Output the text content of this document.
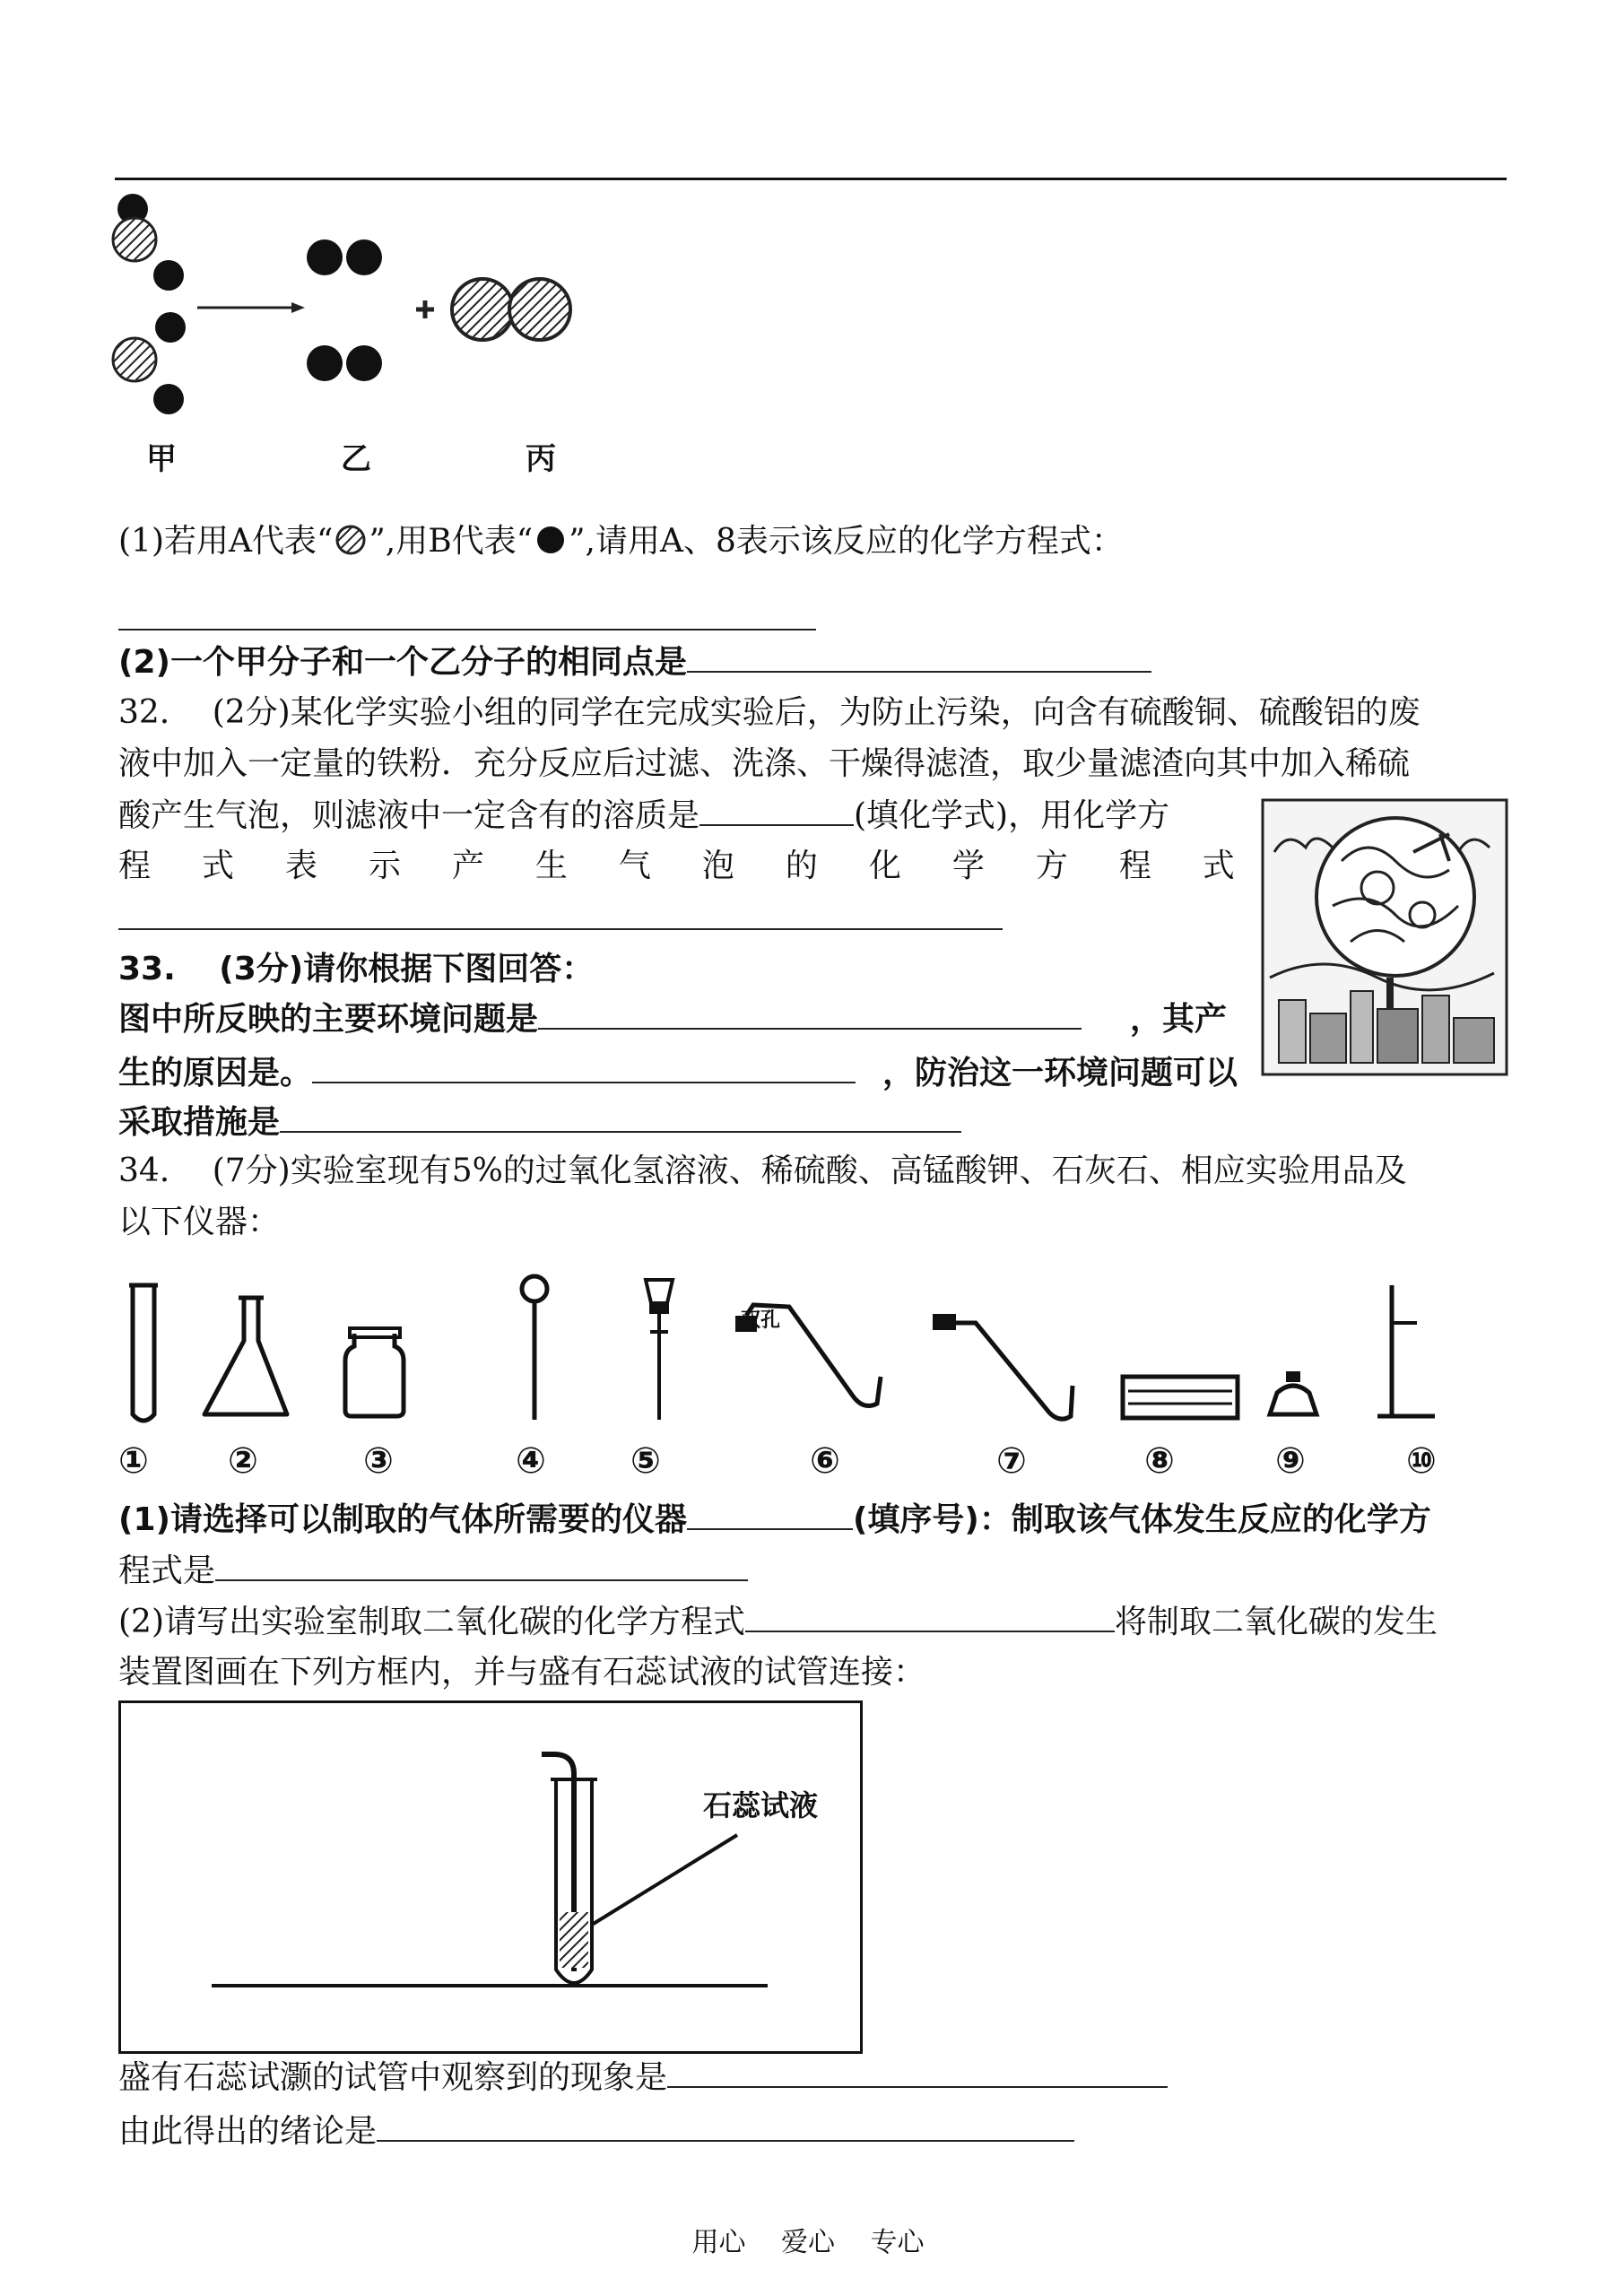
甲	乙	丙
(1)若用A代表“ ”,用B代表“ ”,请用A、8表示该反应的化学方程式：
(2)一个甲分子和一个乙分子的相同点是
32.　 (2分)某化学实验小组的同学在完成实验后，为防止污染，向含有硫酸铜、硫酸铝的废
液中加入一定量的铁粉．充分反应后过滤、洗涤、干燥得滤渣，取少量滤渣向其中加入稀硫
酸产生气泡，则滤液中一定含有的溶质是	(填化学式)，用化学方
程 式 表 示 产 生 气 泡 的 化 学 方 程 式
33.　 (3分)请你根据下图回答：
图中所反映的主要环境问题是	，其产
生的原因是。	，防治这一环境问题可以
采取措施是
34.　 (7分)实验室现有5%的过氧化氢溶液、稀硫酸、高锰酸钾、石灰石、相应实验用品及
以下仪器：
双孔
① ②	③	④ ⑤	⑥	⑦	⑧	⑨	⑩
(1)请选择可以制取的气体所需要的仪器	(填序号)：制取该气体发生反应的化学方
程式是
(2)请写出实验室制取二氧化碳的化学方程式	将制取二氧化碳的发生
装置图画在下列方框内，并与盛有石蕊试液的试管连接：
石蕊试液
盛有石蕊试灏的试管中观察到的现象是
由此得出的绪论是
用心　 爱心　 专心
